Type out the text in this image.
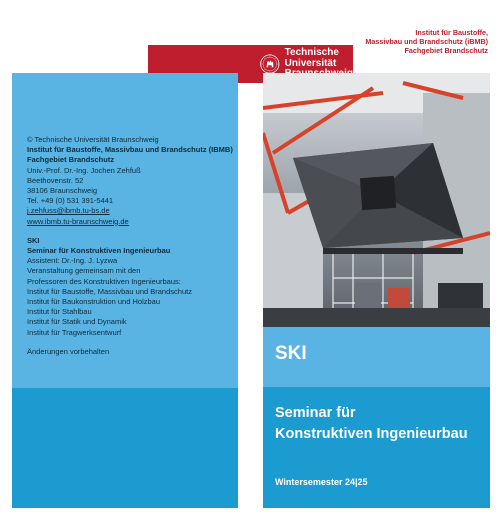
Technische
Universität
Institut für Baustoffe,
Massivbau und Brandschutz (iBMB)
Fachgebiet Brandschutz

© Technische Universität Braunschweig

Institut für Baustoffe, Massivbau und Brandschutz (IBMB)

Fachgebiet Brandschutz

Univ.-Prof. Dr.-Ing. Jochen Zehfuß

Beethovenstr. 52

38106 Braunschweig

Tel. +49 (0) 531 391-5441

j.zehfuss@ibmb.tu-bs.de

www.ibmb.tu-braunschweig.de

SKI

Seminar für Konstruktiven Ingenieurbau

Assistent: Dr.-Ing. J. Lyzwa

Veranstaltung gemeinsam mit den

Professoren des Konstruktiven Ingenieurbaus:

Institut für Baustoffe, Massivbau und Brandschutz

Institut für Baukonstruktion und Holzbau

Institut für Stahlbau

Institut für Statik und Dynamik

Institut für Tragwerksentwurf

Änderungen vorbehalten	SKI
Seminar für
Konstruktiven Ingenieurbau
Wintersemester 24|25
